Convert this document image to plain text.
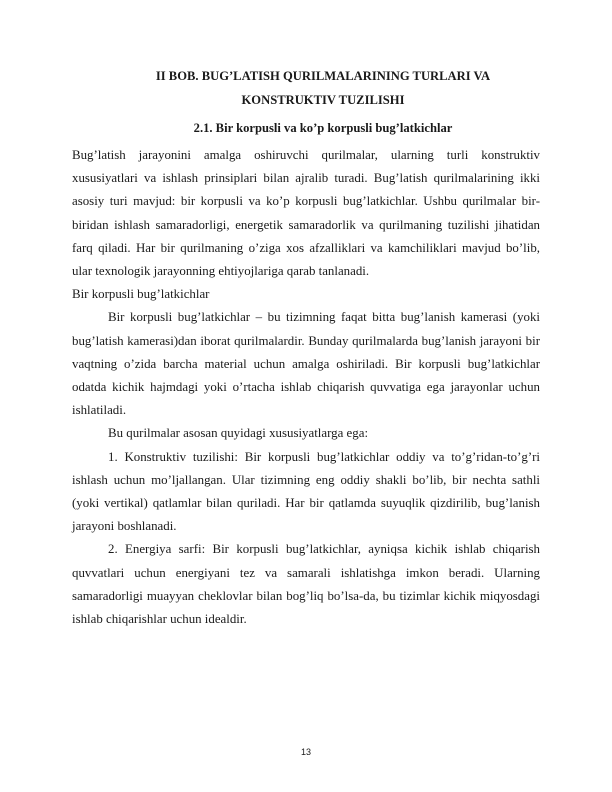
II BOB. BUG’LATISH QURILMALARINING TURLARI VA
KONSTRUKTIV TUZILISHI
2.1. Bir korpusli va ko’p korpusli bug’latkichlar

Bug’latish jarayonini amalga oshiruvchi qurilmalar, ularning turli konstruktiv xususiyatlari va ishlash prinsiplari bilan ajralib turadi. Bug’latish qurilmalarining ikki asosiy turi mavjud: bir korpusli va ko’p korpusli bug’latkichlar. Ushbu qurilmalar bir-biridan ishlash samaradorligi, energetik samaradorlik va qurilmaning tuzilishi jihatidan farq qiladi. Har bir qurilmaning o’ziga xos afzalliklari va kamchiliklari mavjud bo’lib, ular texnologik jarayonning ehtiyojlariga qarab tanlanadi.

Bir korpusli bug’latkichlar

Bir korpusli bug’latkichlar – bu tizimning faqat bitta bug’lanish kamerasi (yoki bug’latish kamerasi)dan iborat qurilmalardir. Bunday qurilmalarda bug’lanish jarayoni bir vaqtning o’zida barcha material uchun amalga oshiriladi. Bir korpusli bug’latkichlar odatda kichik hajmdagi yoki o’rtacha ishlab chiqarish quvvatiga ega jarayonlar uchun ishlatiladi.

Bu qurilmalar asosan quyidagi xususiyatlarga ega:

1. Konstruktiv tuzilishi: Bir korpusli bug’latkichlar oddiy va to’g’ridan-to’g’ri ishlash uchun mo’ljallangan. Ular tizimning eng oddiy shakli bo’lib, bir nechta sathli (yoki vertikal) qatlamlar bilan quriladi. Har bir qatlamda suyuqlik qizdirilib, bug’lanish jarayoni boshlanadi.

2. Energiya sarfi: Bir korpusli bug’latkichlar, ayniqsa kichik ishlab chiqarish quvvatlari uchun energiyani tez va samarali ishlatishga imkon beradi. Ularning samaradorligi muayyan cheklovlar bilan bog’liq bo’lsa-da, bu tizimlar kichik miqyosdagi ishlab chiqarishlar uchun idealdir.

13
